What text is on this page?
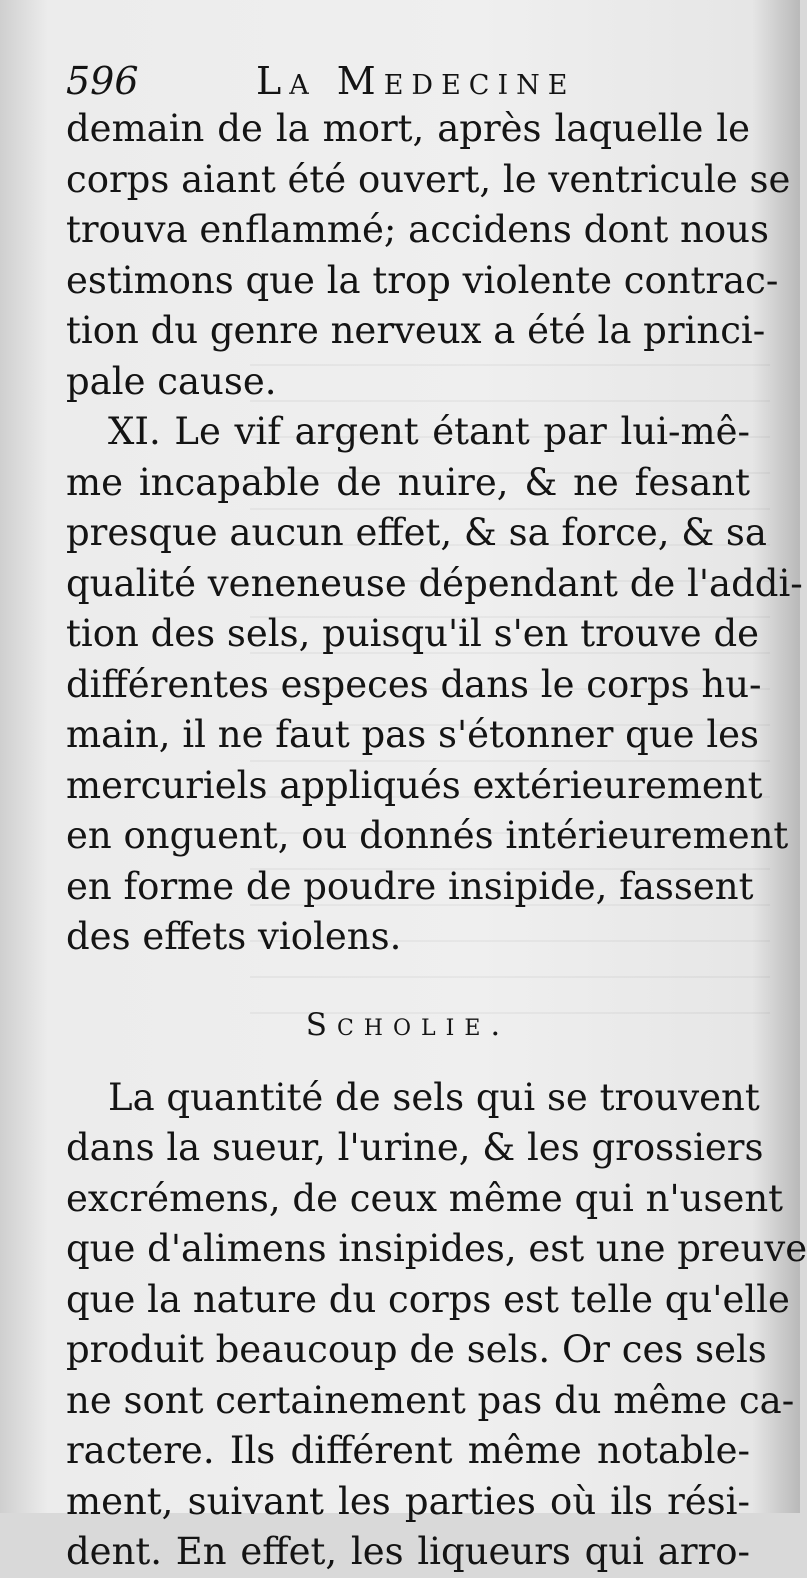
596	La Medecine
demain de la mort, après laquelle le
corps aiant été ouvert, le ventricule se
trouva enflammé; accidens dont nous
estimons que la trop violente contrac-
tion du genre nerveux a été la princi-
pale cause.
XI. Le vif argent étant par lui-mê-
me incapable de nuire, & ne fesant
presque aucun effet, & sa force, & sa
qualité veneneuse dépendant de l'addi-
tion des sels, puisqu'il s'en trouve de
différentes especes dans le corps hu-
main, il ne faut pas s'étonner que les
mercuriels appliqués extérieurement
en onguent, ou donnés intérieurement
en forme de poudre insipide, fassent
des effets violens.
Scholie.
La quantité de sels qui se trouvent
dans la sueur, l'urine, & les grossiers
excrémens, de ceux même qui n'usent
que d'alimens insipides, est une preuve
que la nature du corps est telle qu'elle
produit beaucoup de sels. Or ces sels
ne sont certainement pas du même ca-
ractere. Ils différent même notable-
ment, suivant les parties où ils rési-
dent. En effet, les liqueurs qui arro-
